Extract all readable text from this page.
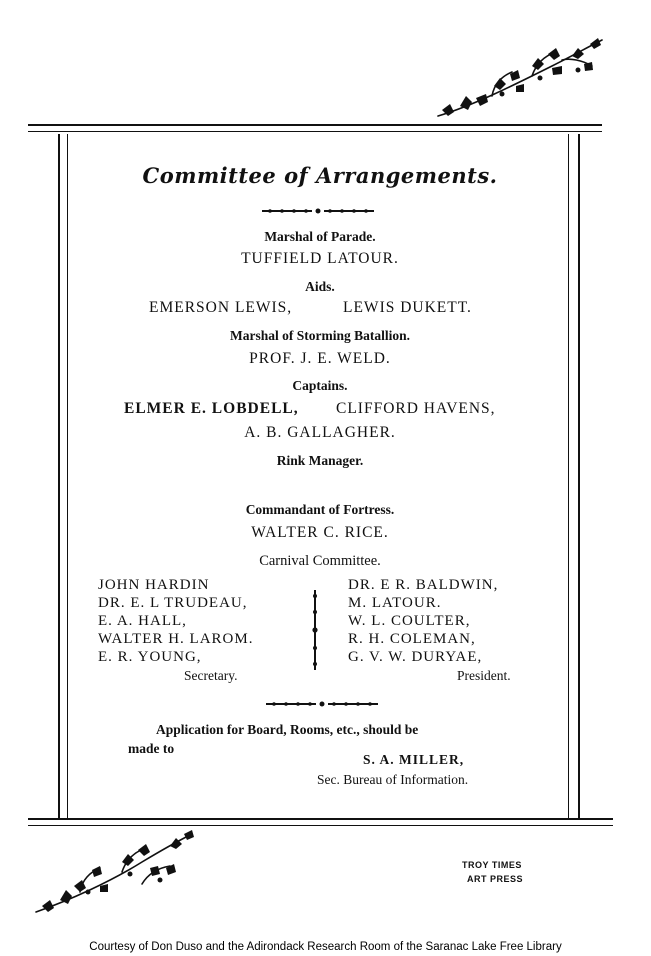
Committee of Arrangements.
Marshal of Parade.
TUFFIELD LATOUR.
Aids.
EMERSON LEWIS,	LEWIS DUKETT.
Marshal of Storming Batallion.
PROF. J. E. WELD.
Captains.
ELMER E. LOBDELL, CLIFFORD HAVENS,
A. B. GALLAGHER.
Rink Manager.
Commandant of Fortress.
WALTER C. RICE.
Carnival Committee.
JOHN HARDIN
DR. E. L TRUDEAU,
E. A. HALL,
WALTER H. LAROM.
E. R. YOUNG,
Secretary.
DR. E R. BALDWIN,
M. LATOUR.
W. L. COULTER,
R. H. COLEMAN,
G. V. W. DURYAE,
President.
Application for Board, Rooms, etc., should be
made to
S. A. MILLER,
Sec. Bureau of Information.
TROY TIMES
ART PRESS
Courtesy of Don Duso and the Adirondack Research Room of the Saranac Lake Free Library
